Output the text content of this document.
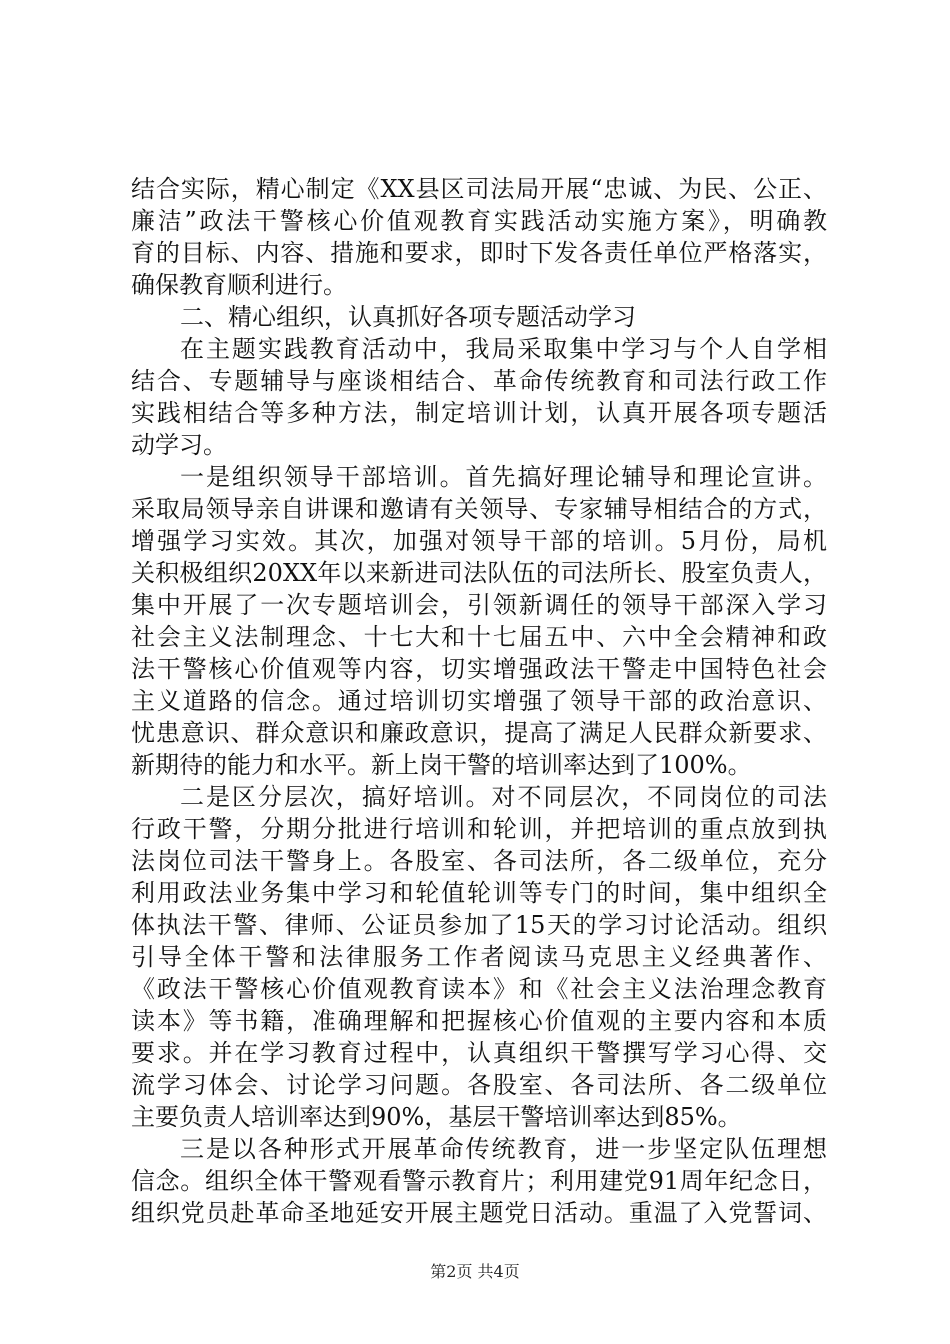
结合实际，精心制定《XX县区司法局开展“忠诚、为民、公正、
廉洁”政法干警核心价值观教育实践活动实施方案》，明确教
育的目标、内容、措施和要求，即时下发各责任单位严格落实，
确保教育顺利进行。
二、精心组织，认真抓好各项专题活动学习
在主题实践教育活动中，我局采取集中学习与个人自学相
结合、专题辅导与座谈相结合、革命传统教育和司法行政工作
实践相结合等多种方法，制定培训计划，认真开展各项专题活
动学习。
一是组织领导干部培训。首先搞好理论辅导和理论宣讲。
采取局领导亲自讲课和邀请有关领导、专家辅导相结合的方式，
增强学习实效。其次，加强对领导干部的培训。5月份，局机
关积极组织20XX年以来新进司法队伍的司法所长、股室负责人，
集中开展了一次专题培训会，引领新调任的领导干部深入学习
社会主义法制理念、十七大和十七届五中、六中全会精神和政
法干警核心价值观等内容，切实增强政法干警走中国特色社会
主义道路的信念。通过培训切实增强了领导干部的政治意识、
忧患意识、群众意识和廉政意识，提高了满足人民群众新要求、
新期待的能力和水平。新上岗干警的培训率达到了100%。
二是区分层次，搞好培训。对不同层次，不同岗位的司法
行政干警，分期分批进行培训和轮训，并把培训的重点放到执
法岗位司法干警身上。各股室、各司法所，各二级单位，充分
利用政法业务集中学习和轮值轮训等专门的时间，集中组织全
体执法干警、律师、公证员参加了15天的学习讨论活动。组织
引导全体干警和法律服务工作者阅读马克思主义经典著作、
《政法干警核心价值观教育读本》和《社会主义法治理念教育
读本》等书籍，准确理解和把握核心价值观的主要内容和本质
要求。并在学习教育过程中，认真组织干警撰写学习心得、交
流学习体会、讨论学习问题。各股室、各司法所、各二级单位
主要负责人培训率达到90%，基层干警培训率达到85%。
三是以各种形式开展革命传统教育，进一步坚定队伍理想
信念。组织全体干警观看警示教育片；利用建党91周年纪念日，
组织党员赴革命圣地延安开展主题党日活动。重温了入党誓词、
第2页 共4页
